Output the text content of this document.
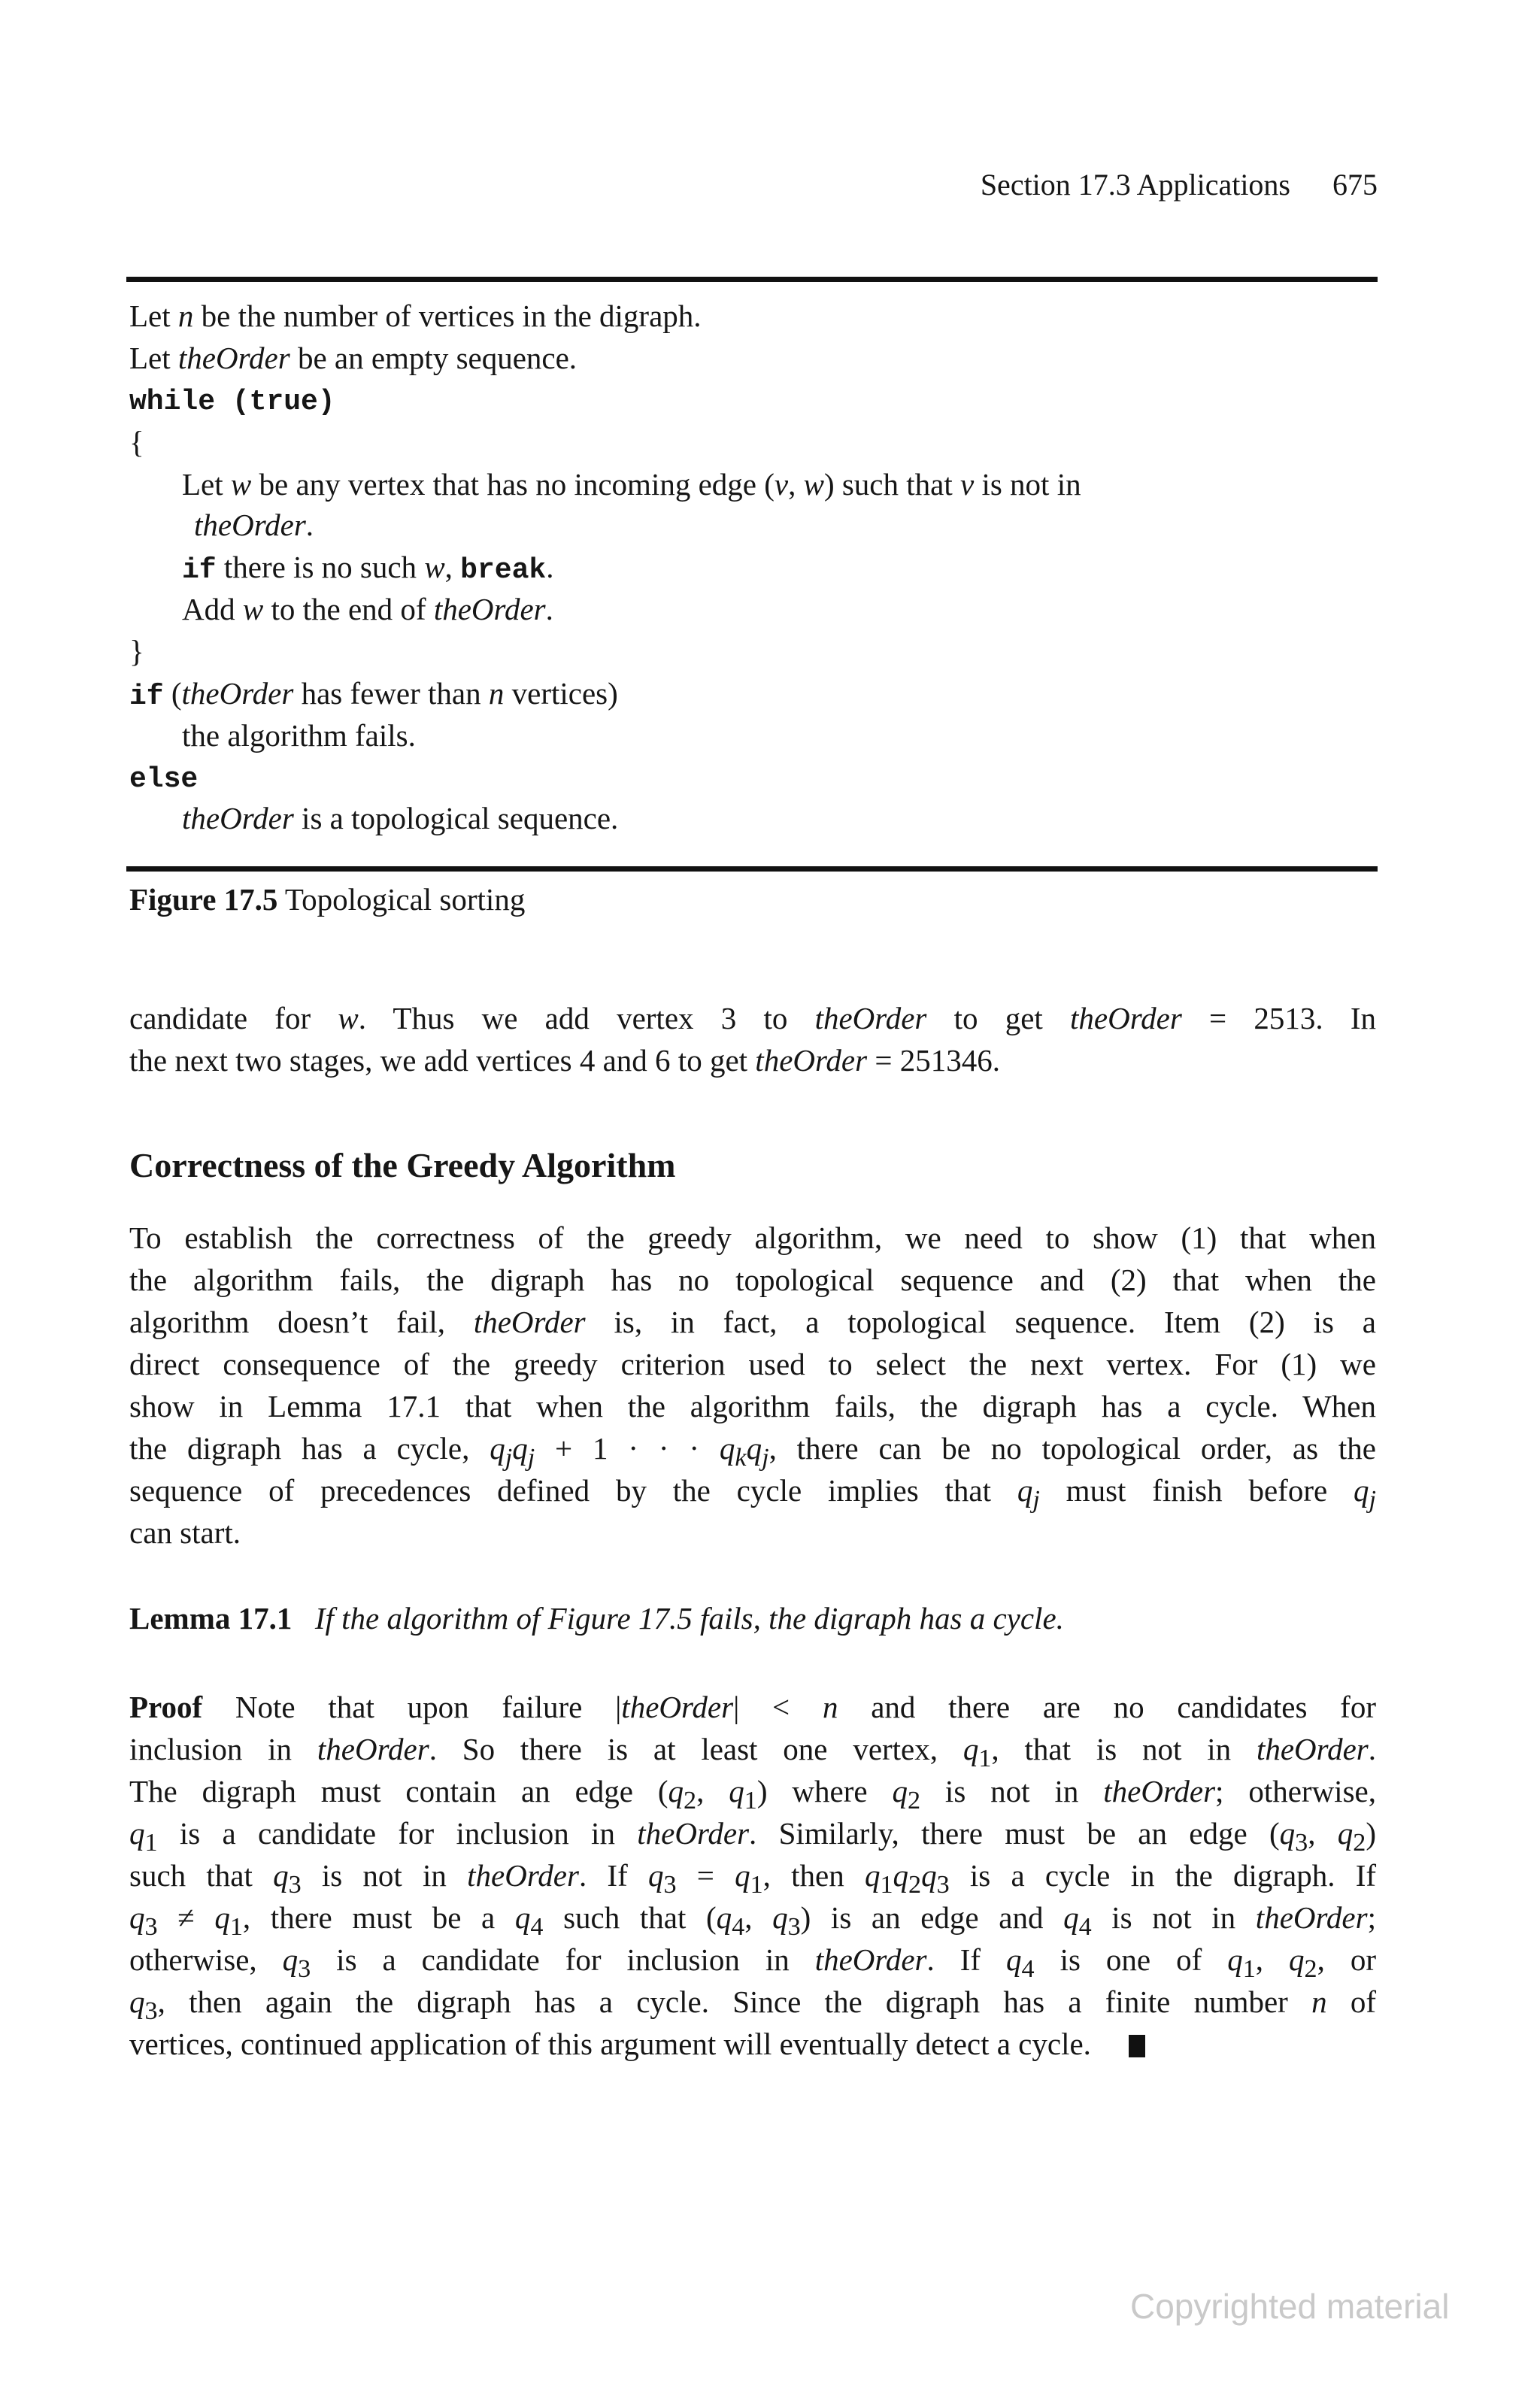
Section 17.3 Applications 675
Let n be the number of vertices in the digraph.
Let theOrder be an empty sequence.
while (true)
{
Let w be any vertex that has no incoming edge (v, w) such that v is not in
theOrder.
if there is no such w, break.
Add w to the end of theOrder.
}
if (theOrder has fewer than n vertices)
the algorithm fails.
else
theOrder is a topological sequence.
Figure 17.5 Topological sorting
candidate for w. Thus we add vertex 3 to theOrder to get theOrder = 2513. In
the next two stages, we add vertices 4 and 6 to get theOrder = 251346.
Correctness of the Greedy Algorithm
To establish the correctness of the greedy algorithm, we need to show (1) that when
the algorithm fails, the digraph has no topological sequence and (2) that when the
algorithm doesn’t fail, theOrder is, in fact, a topological sequence. Item (2) is a
direct consequence of the greedy criterion used to select the next vertex. For (1) we
show in Lemma 17.1 that when the algorithm fails, the digraph has a cycle. When
the digraph has a cycle, $q_jq_j + 1$ · · · $q_kq_j$, there can be no topological order, as the
sequence of precedences defined by the cycle implies that $q_j$ must finish before $q_j$
can start.
Lemma 17.1 If the algorithm of Figure 17.5 fails, the digraph has a cycle.
Proof Note that upon failure |theOrder| < n and there are no candidates for
inclusion in theOrder. So there is at least one vertex, $q_1$, that is not in theOrder.
The digraph must contain an edge ($q_2$, $q_1$) where $q_2$ is not in theOrder; otherwise,
$q_1$ is a candidate for inclusion in theOrder. Similarly, there must be an edge ($q_3$, $q_2$)
such that $q_3$ is not in theOrder. If $q_3 = q_1$, then $q_1q_2q_3$ is a cycle in the digraph. If
$q_3 \ne q_1$, there must be a $q_4$ such that ($q_4$, $q_3$) is an edge and $q_4$ is not in theOrder;
otherwise, $q_3$ is a candidate for inclusion in theOrder. If $q_4$ is one of $q_1$, $q_2$, or
$q_3$, then again the digraph has a cycle. Since the digraph has a finite number n of
vertices, continued application of this argument will eventually detect a cycle.
Copyrighted material
